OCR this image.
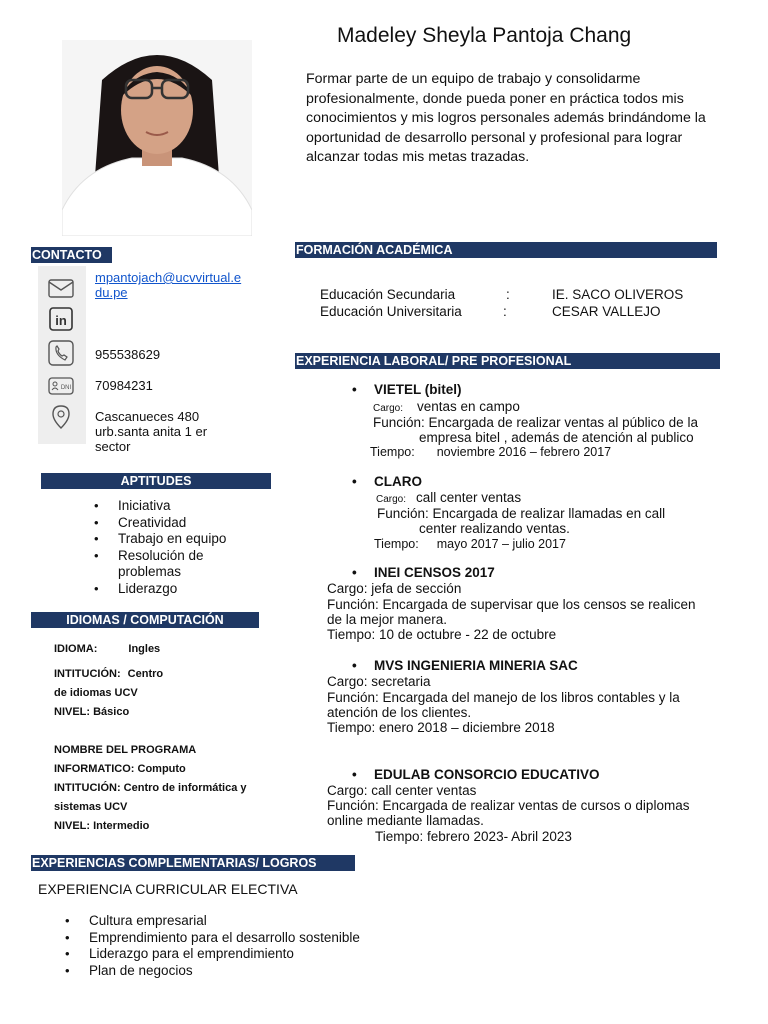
Madeley Sheyla Pantoja Chang
Formar parte de un equipo de trabajo y consolidarme profesionalmente, donde pueda poner en práctica todos mis conocimientos y mis logros personales además brindándome la oportunidad de desarrollo personal y profesional para lograr alcanzar todas mis metas trazadas.
CONTACTO
in
DNI
mpantojach@ucvvirtual.e
du.pe
955538629
70984231
Cascanueces 480
urb.santa anita 1 er
sector
APTITUDES
• Iniciativa
• Creatividad
• Trabajo en equipo
• Resolución de
problemas
• Liderazgo
IDIOMAS / COMPUTACIÓN
IDIOMA:	Ingles
INTITUCIÓN: Centro
de idiomas UCV
NIVEL: Básico
NOMBRE DEL PROGRAMA
INFORMATICO: Computo
INTITUCIÓN: Centro de informática y
sistemas UCV
NIVEL: Intermedio
FORMACIÓN ACADÉMICA
Educación Secundaria	:	IE. SACO OLIVEROS
Educación Universitaria	:	CESAR VALLEJO
EXPERIENCIA LABORAL/ PRE PROFESIONAL
• VIETEL (bitel)
Cargo: ventas en campo
Función: Encargada de realizar ventas al público de la
empresa bitel , además de atención al publico
Tiempo: noviembre 2016 – febrero 2017
• CLARO
Cargo: call center ventas
Función: Encargada de realizar llamadas en call
center realizando ventas.
Tiempo: mayo 2017 – julio 2017
• INEI CENSOS 2017
Cargo: jefa de sección
Función: Encargada de supervisar que los censos se realicen
de la mejor manera.
Tiempo: 10 de octubre - 22 de octubre
• MVS INGENIERIA MINERIA SAC
Cargo: secretaria
Función: Encargada del manejo de los libros contables y la
atención de los clientes.
Tiempo: enero 2018 – diciembre 2018
• EDULAB CONSORCIO EDUCATIVO
Cargo: call center ventas
Función: Encargada de realizar ventas de cursos o diplomas
online mediante llamadas.
Tiempo: febrero 2023- Abril 2023
EXPERIENCIAS COMPLEMENTARIAS/ LOGROS
EXPERIENCIA CURRICULAR ELECTIVA
• Cultura empresarial
• Emprendimiento para el desarrollo sostenible
• Liderazgo para el emprendimiento
• Plan de negocios
